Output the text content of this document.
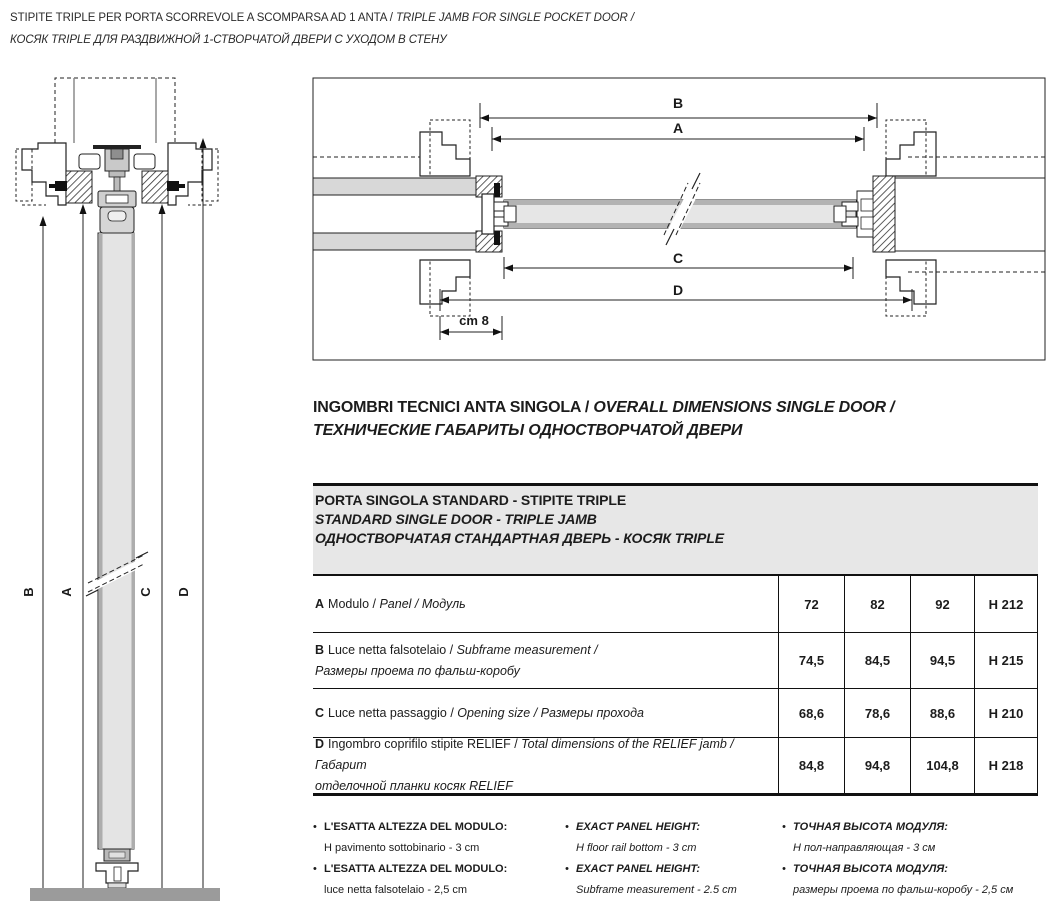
STIPITE TRIPLE PER PORTA SCORREVOLE A SCOMPARSA AD 1 ANTA / TRIPLE JAMB FOR SINGLE POCKET DOOR /
КОСЯК TRIPLE ДЛЯ РАЗДВИЖНОЙ 1-СТВОРЧАТОЙ ДВЕРИ С УХОДОМ В СТЕНУ
B A	C D
B
A
C
D
cm 8
INGOMBRI TECNICI ANTA SINGOLA / OVERALL DIMENSIONS SINGLE DOOR /
ТЕХНИЧЕСКИЕ ГАБАРИТЫ ОДНОСТВОРЧАТОЙ ДВЕРИ
PORTA SINGOLA STANDARD - STIPITE TRIPLE
STANDARD SINGLE DOOR - TRIPLE JAMB
ОДНОСТВОРЧАТАЯ СТАНДАРТНАЯ ДВЕРЬ - КОСЯК TRIPLE
A Modulo / Panel / Модуль	72	82	92	H 212
B Luce netta falsotelaio / Subframe measurement /
Размеры проема по фальш-коробу
74,5	84,5	94,5	H 215
C Luce netta passaggio / Opening size / Размеры прохода	68,6	78,6	88,6	H 210
D Ingombro coprifilo stipite RELIEF / Total dimensions of the RELIEF jamb / Габарит
отделочной планки косяк RELIEF
84,8	94,8	104,8	H 218
• L'ESATTA ALTEZZA DEL MODULO:
H pavimento sottobinario - 3 cm
• L'ESATTA ALTEZZA DEL MODULO:
luce netta falsotelaio - 2,5 cm
• EXACT PANEL HEIGHT:
H floor rail bottom - 3 cm
• EXACT PANEL HEIGHT:
Subframe measurement - 2.5 cm
• ТОЧНАЯ ВЫСОТА МОДУЛЯ:
Н пол-направляющая - 3 см
• ТОЧНАЯ ВЫСОТА МОДУЛЯ:
размеры проема по фальш-коробу - 2,5 см
